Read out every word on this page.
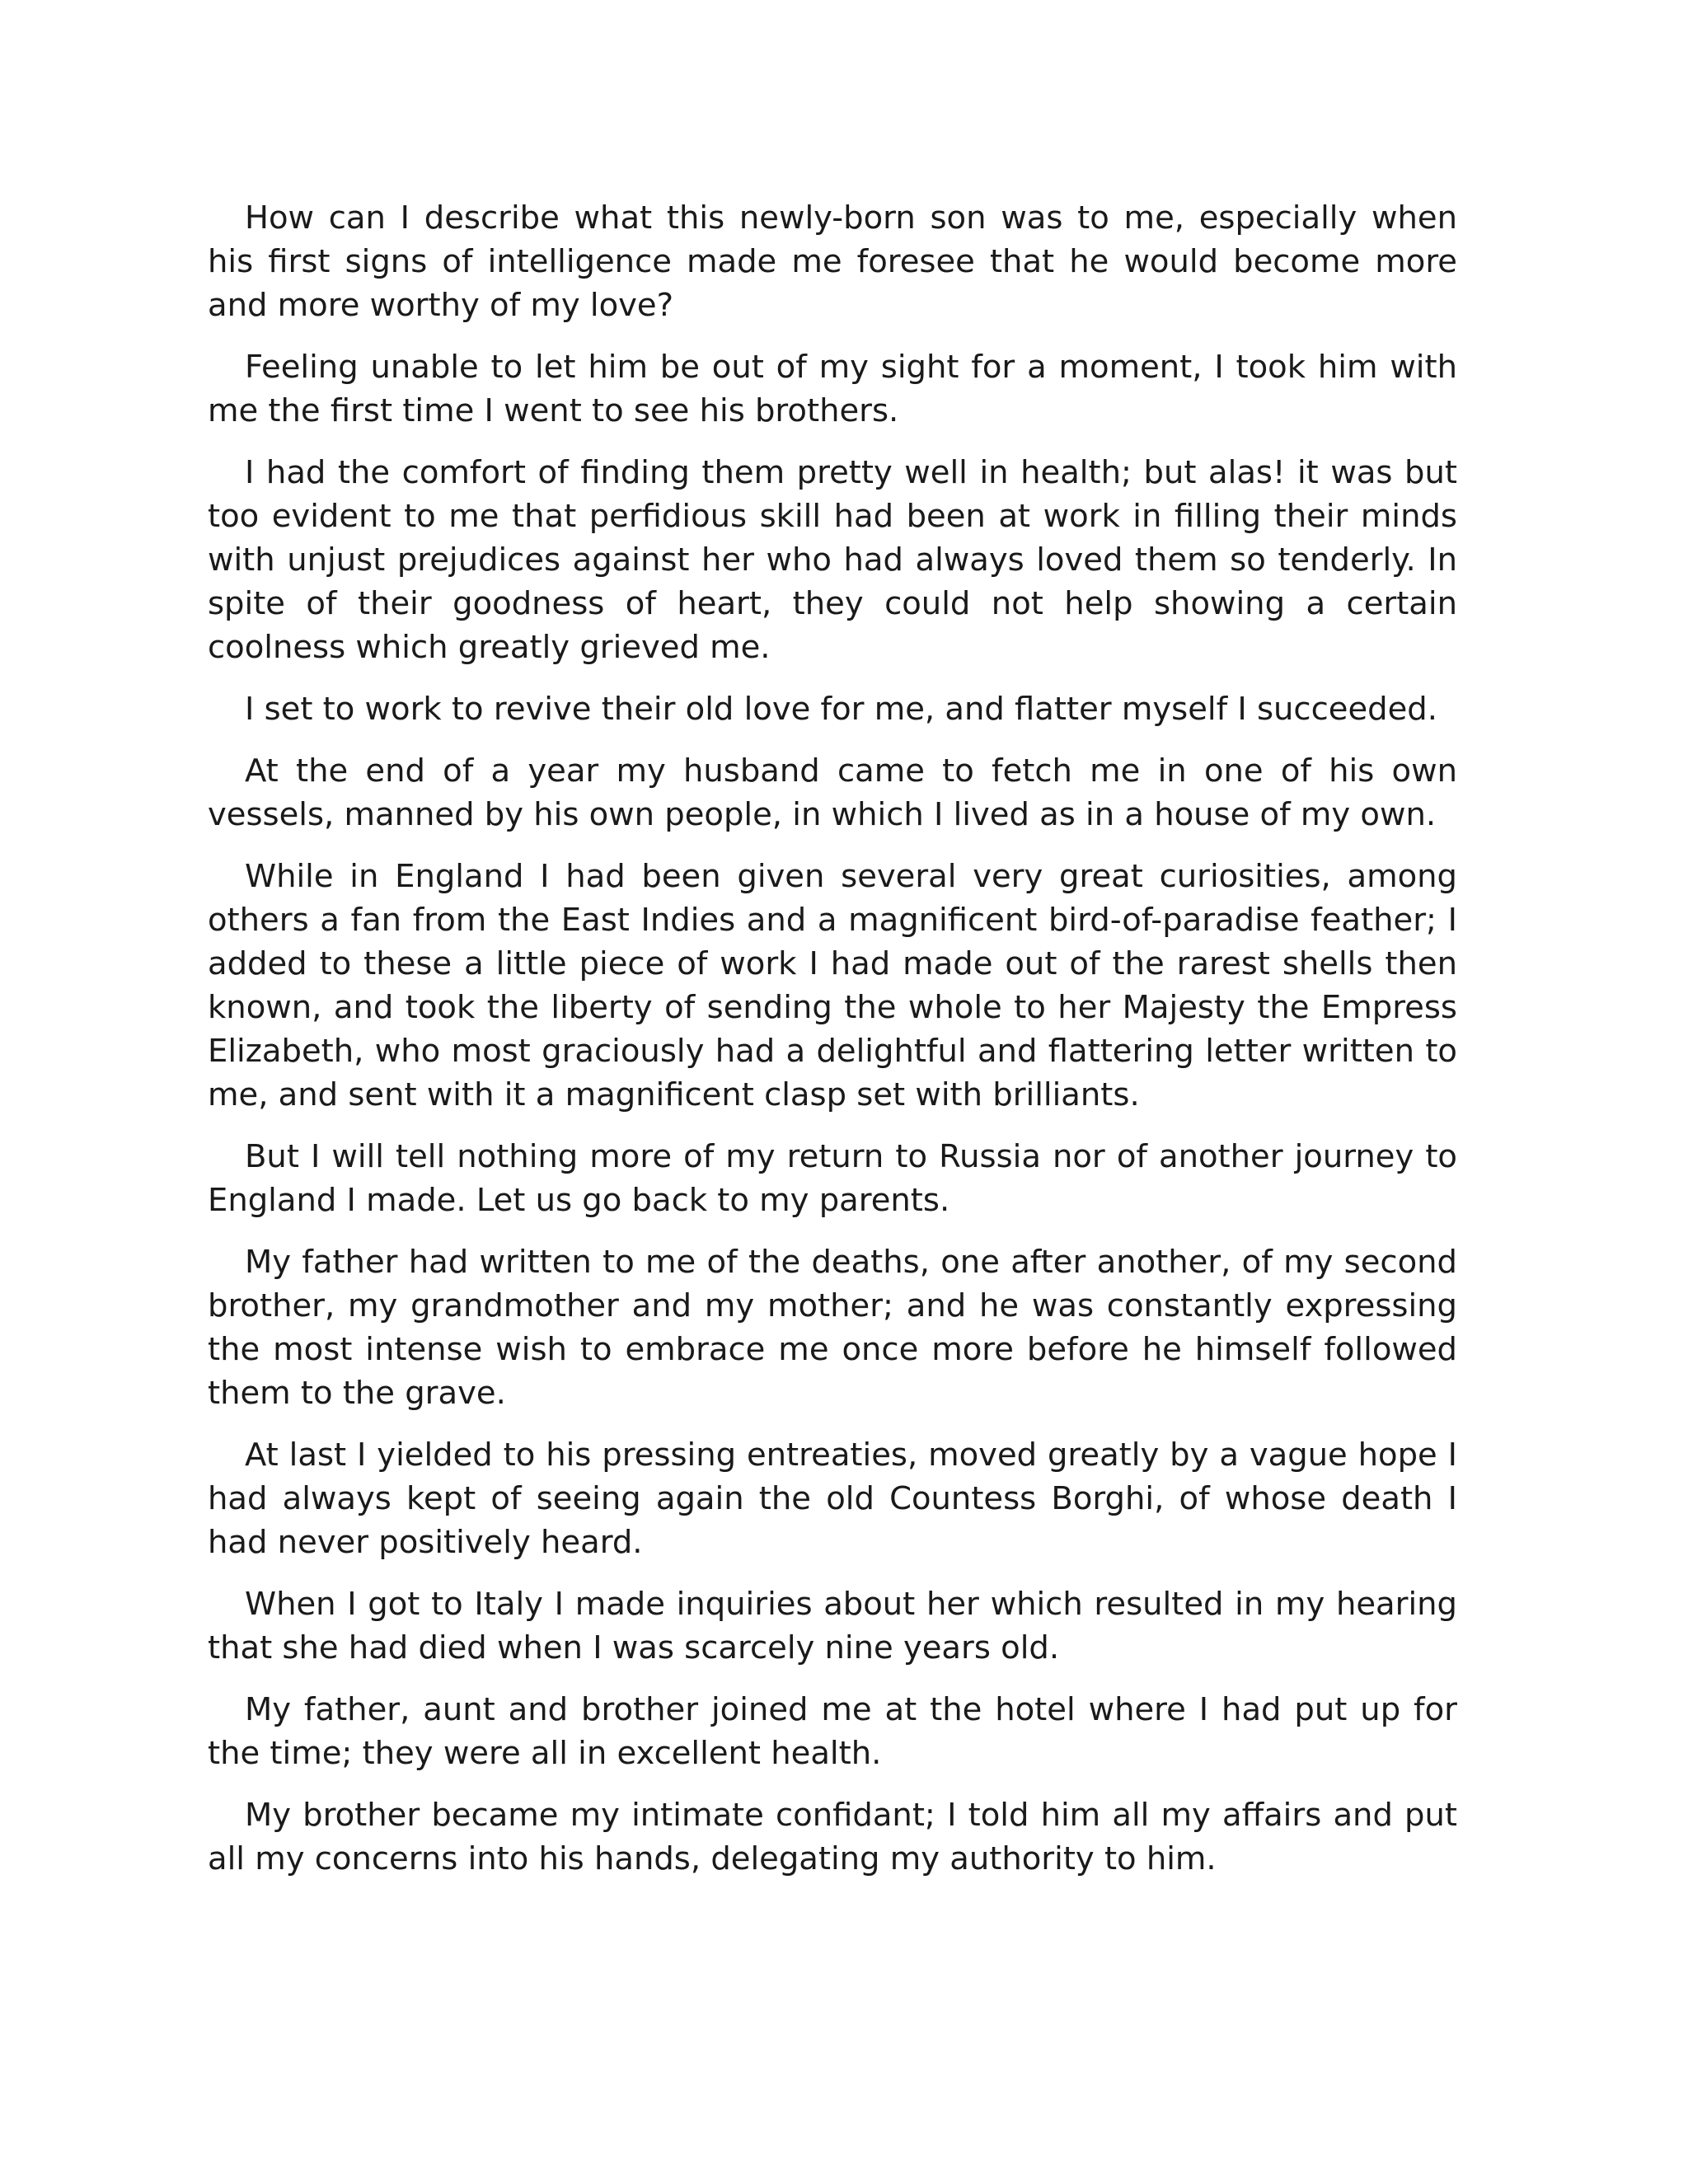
How can I describe what this newly-born son was to me, especially when his first signs of intelligence made me foresee that he would become more and more worthy of my love?

Feeling unable to let him be out of my sight for a moment, I took him with me the first time I went to see his brothers.

I had the comfort of finding them pretty well in health; but alas! it was but too evident to me that perfidious skill had been at work in filling their minds with unjust prejudices against her who had always loved them so tenderly. In spite of their goodness of heart, they could not help showing a certain coolness which greatly grieved me.

I set to work to revive their old love for me, and flatter myself I succeeded.

At the end of a year my husband came to fetch me in one of his own vessels, manned by his own people, in which I lived as in a house of my own.

While in England I had been given several very great curiosities, among others a fan from the East Indies and a magnificent bird-of-paradise feather; I added to these a little piece of work I had made out of the rarest shells then known, and took the liberty of sending the whole to her Majesty the Empress Elizabeth, who most graciously had a delightful and flattering letter written to me, and sent with it a magnificent clasp set with brilliants.

But I will tell nothing more of my return to Russia nor of another journey to England I made. Let us go back to my parents.

My father had written to me of the deaths, one after another, of my second brother, my grandmother and my mother; and he was constantly expressing the most intense wish to embrace me once more before he himself followed them to the grave.

At last I yielded to his pressing entreaties, moved greatly by a vague hope I had always kept of seeing again the old Countess Borghi, of whose death I had never positively heard.

When I got to Italy I made inquiries about her which resulted in my hearing that she had died when I was scarcely nine years old.

My father, aunt and brother joined me at the hotel where I had put up for the time; they were all in excellent health.

My brother became my intimate confidant; I told him all my affairs and put all my concerns into his hands, delegating my authority to him.
